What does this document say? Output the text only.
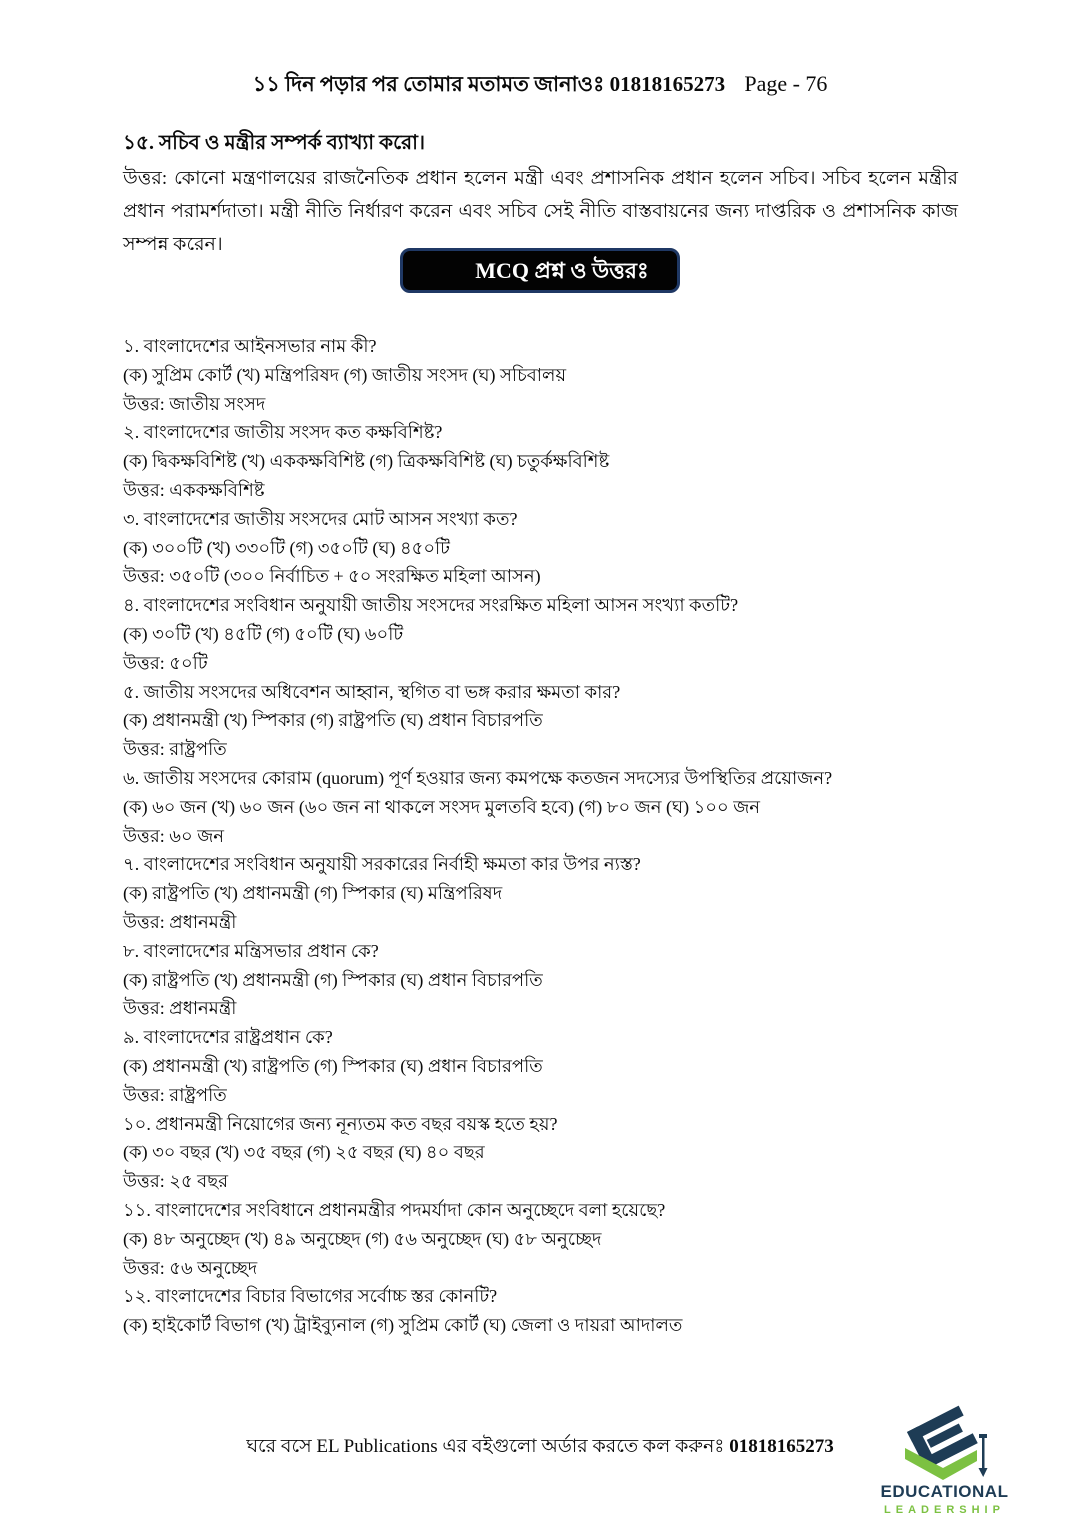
১১ দিন পড়ার পর তোমার মতামত জানাওঃ 01818165273 Page - 76
১৫. সচিব ও মন্ত্রীর সম্পর্ক ব্যাখ্যা করো।
উত্তর: কোনো মন্ত্রণালয়ের রাজনৈতিক প্রধান হলেন মন্ত্রী এবং প্রশাসনিক প্রধান হলেন সচিব। সচিব হলেন মন্ত্রীর প্রধান পরামর্শদাতা। মন্ত্রী নীতি নির্ধারণ করেন এবং সচিব সেই নীতি বাস্তবায়নের জন্য দাপ্তরিক ও প্রশাসনিক কাজ সম্পন্ন করেন।
MCQ প্রশ্ন ও উত্তরঃ
১. বাংলাদেশের আইনসভার নাম কী?
(ক) সুপ্রিম কোর্ট (খ) মন্ত্রিপরিষদ (গ) জাতীয় সংসদ (ঘ) সচিবালয়
উত্তর: জাতীয় সংসদ
২. বাংলাদেশের জাতীয় সংসদ কত কক্ষবিশিষ্ট?
(ক) দ্বিকক্ষবিশিষ্ট (খ) এককক্ষবিশিষ্ট (গ) ত্রিকক্ষবিশিষ্ট (ঘ) চতুর্কক্ষবিশিষ্ট
উত্তর: এককক্ষবিশিষ্ট
৩. বাংলাদেশের জাতীয় সংসদের মোট আসন সংখ্যা কত?
(ক) ৩০০টি (খ) ৩৩০টি (গ) ৩৫০টি (ঘ) ৪৫০টি
উত্তর: ৩৫০টি (৩০০ নির্বাচিত + ৫০ সংরক্ষিত মহিলা আসন)
৪. বাংলাদেশের সংবিধান অনুযায়ী জাতীয় সংসদের সংরক্ষিত মহিলা আসন সংখ্যা কতটি?
(ক) ৩০টি (খ) ৪৫টি (গ) ৫০টি (ঘ) ৬০টি
উত্তর: ৫০টি
৫. জাতীয় সংসদের অধিবেশন আহ্বান, স্থগিত বা ভঙ্গ করার ক্ষমতা কার?
(ক) প্রধানমন্ত্রী (খ) স্পিকার (গ) রাষ্ট্রপতি (ঘ) প্রধান বিচারপতি
উত্তর: রাষ্ট্রপতি
৬. জাতীয় সংসদের কোরাম (quorum) পূর্ণ হওয়ার জন্য কমপক্ষে কতজন সদস্যের উপস্থিতির প্রয়োজন?
(ক) ৬০ জন (খ) ৬০ জন (৬০ জন না থাকলে সংসদ মুলতবি হবে) (গ) ৮০ জন (ঘ) ১০০ জন
উত্তর: ৬০ জন
৭. বাংলাদেশের সংবিধান অনুযায়ী সরকারের নির্বাহী ক্ষমতা কার উপর ন্যস্ত?
(ক) রাষ্ট্রপতি (খ) প্রধানমন্ত্রী (গ) স্পিকার (ঘ) মন্ত্রিপরিষদ
উত্তর: প্রধানমন্ত্রী
৮. বাংলাদেশের মন্ত্রিসভার প্রধান কে?
(ক) রাষ্ট্রপতি (খ) প্রধানমন্ত্রী (গ) স্পিকার (ঘ) প্রধান বিচারপতি
উত্তর: প্রধানমন্ত্রী
৯. বাংলাদেশের রাষ্ট্রপ্রধান কে?
(ক) প্রধানমন্ত্রী (খ) রাষ্ট্রপতি (গ) স্পিকার (ঘ) প্রধান বিচারপতি
উত্তর: রাষ্ট্রপতি
১০. প্রধানমন্ত্রী নিয়োগের জন্য নূন্যতম কত বছর বয়স্ক হতে হয়?
(ক) ৩০ বছর (খ) ৩৫ বছর (গ) ২৫ বছর (ঘ) ৪০ বছর
উত্তর: ২৫ বছর
১১. বাংলাদেশের সংবিধানে প্রধানমন্ত্রীর পদমর্যাদা কোন অনুচ্ছেদে বলা হয়েছে?
(ক) ৪৮ অনুচ্ছেদ (খ) ৪৯ অনুচ্ছেদ (গ) ৫৬ অনুচ্ছেদ (ঘ) ৫৮ অনুচ্ছেদ
উত্তর: ৫৬ অনুচ্ছেদ
১২. বাংলাদেশের বিচার বিভাগের সর্বোচ্চ স্তর কোনটি?
(ক) হাইকোর্ট বিভাগ (খ) ট্রাইব্যুনাল (গ) সুপ্রিম কোর্ট (ঘ) জেলা ও দায়রা আদালত
ঘরে বসে EL Publications এর বইগুলো অর্ডার করতে কল করুনঃ 01818165273
EDUCATIONAL
LEADERSHIP
